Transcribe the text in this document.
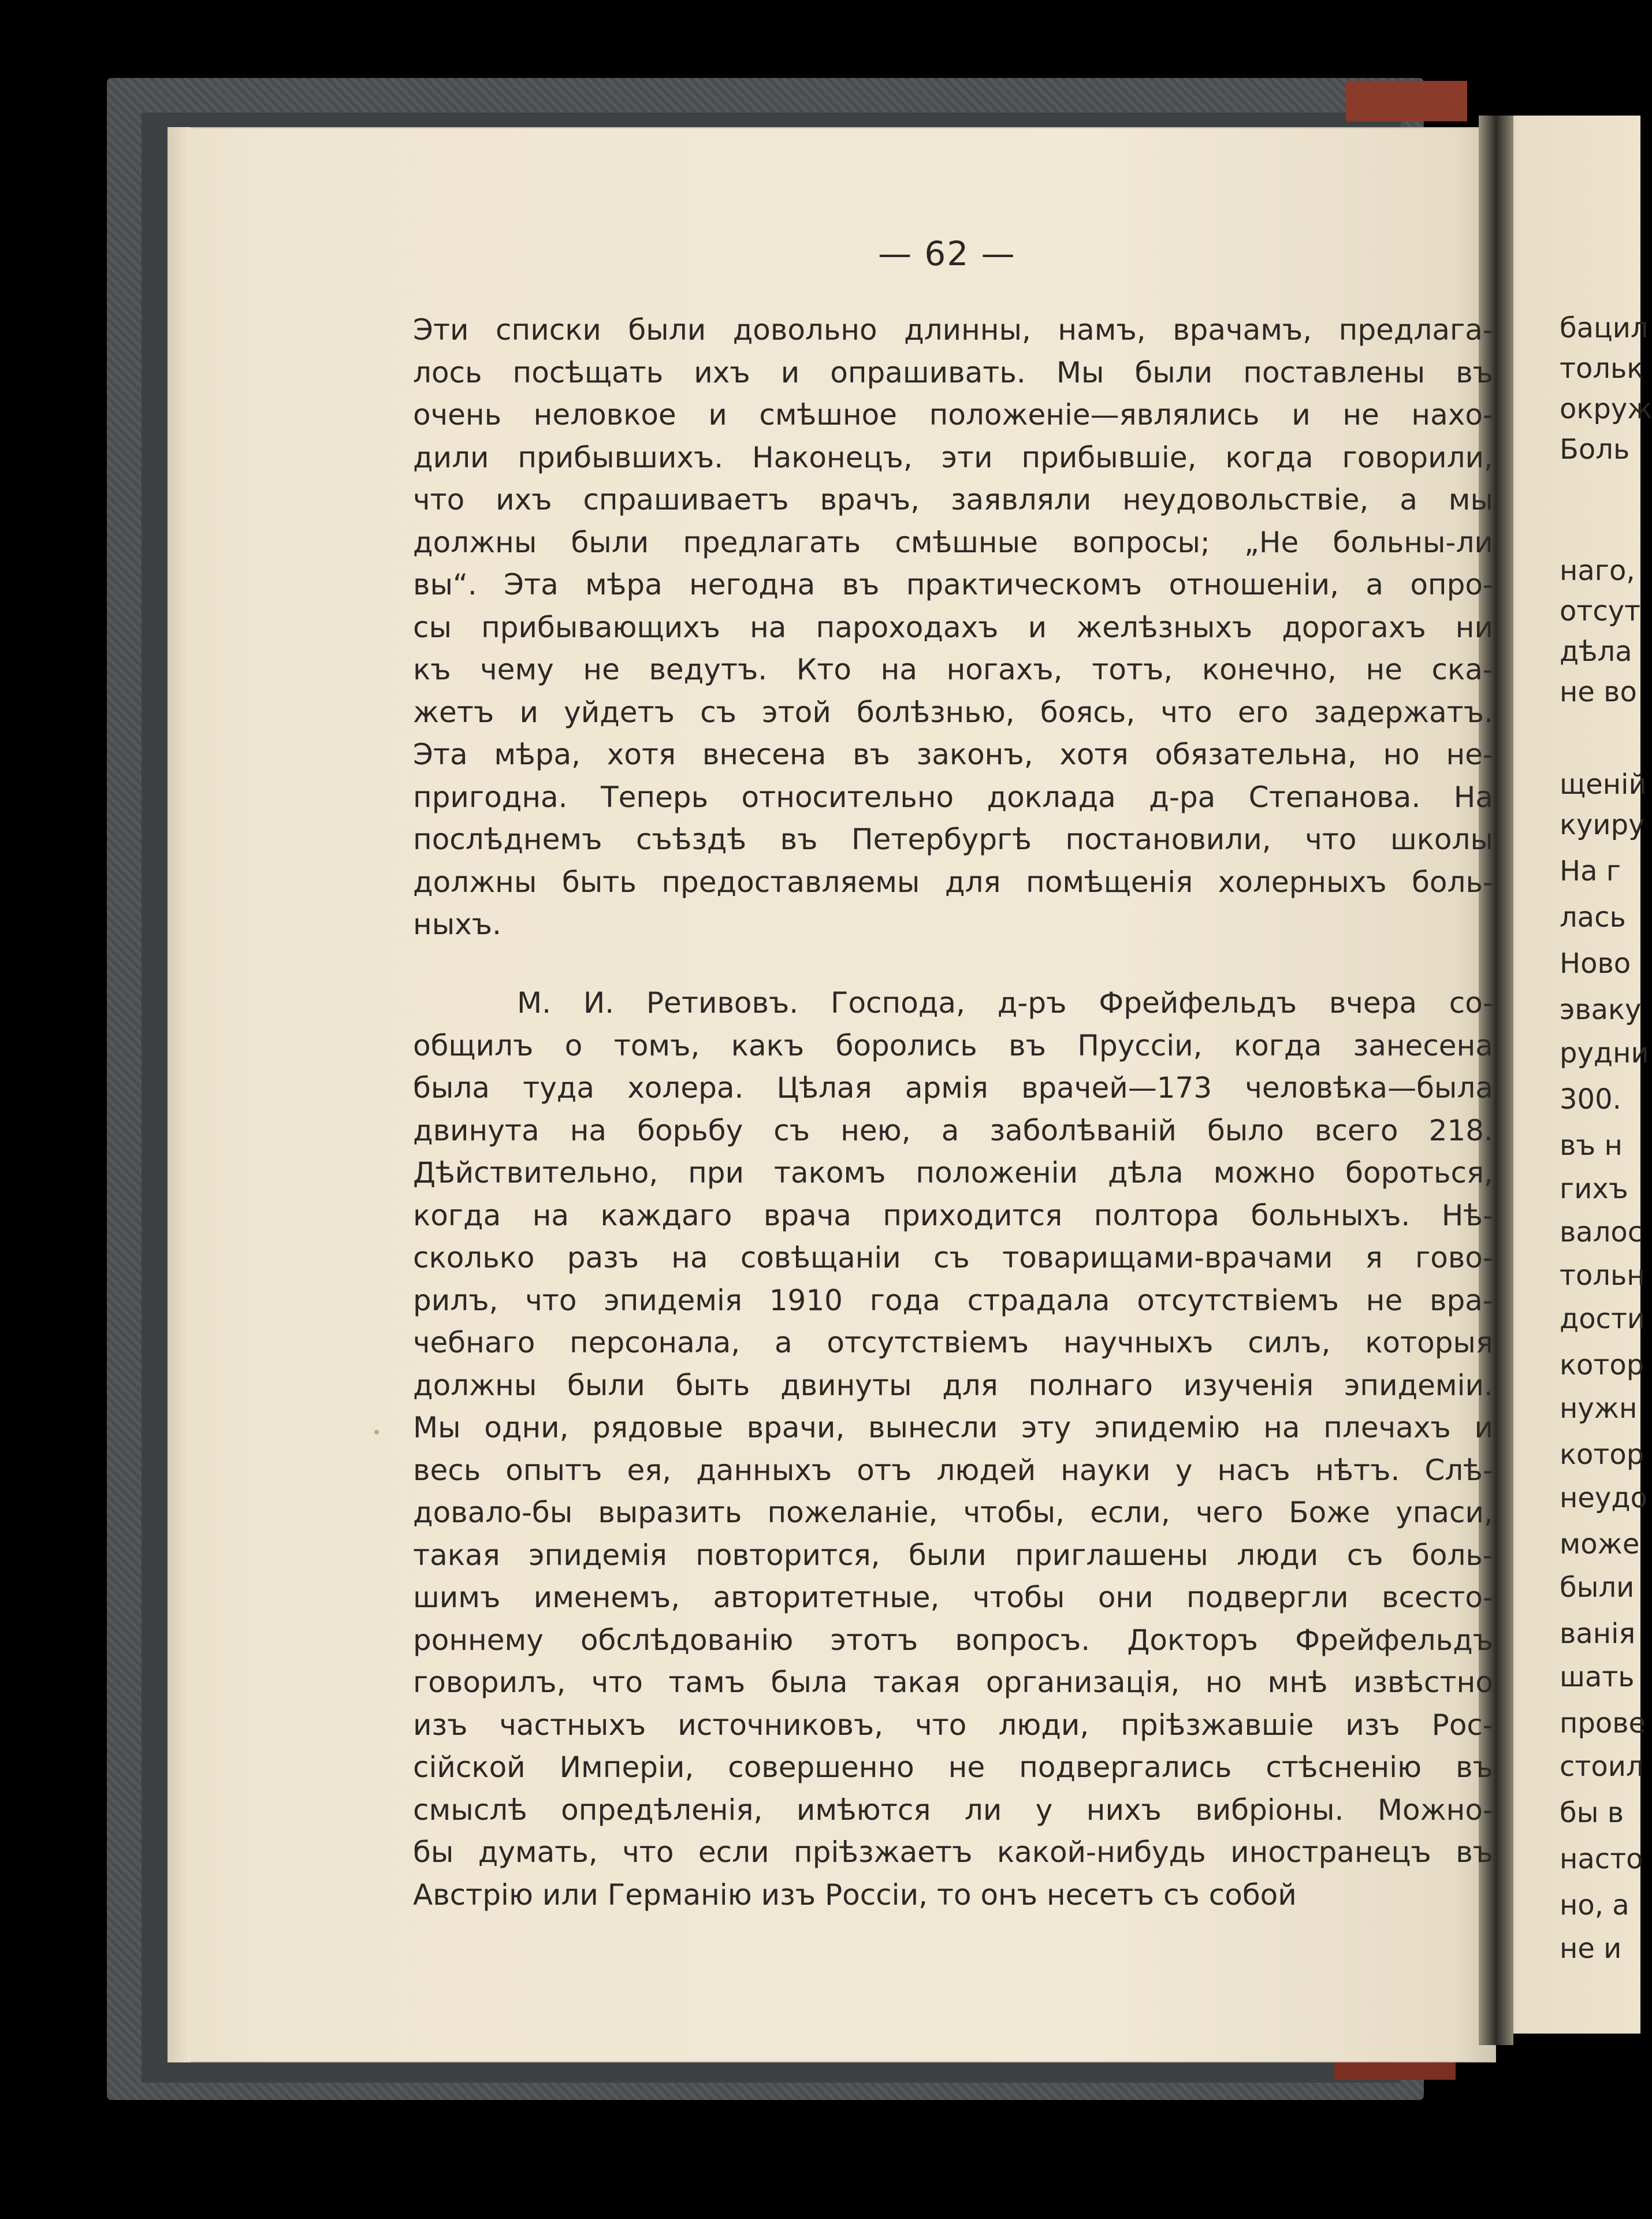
— 62 —
Эти списки были довольно длинны, намъ, врачамъ, предлага-
лось посѣщать ихъ и опрашивать. Мы были поставлены въ
очень неловкое и смѣшное положеніе—являлись и не нахо-
дили прибывшихъ. Наконецъ, эти прибывшіе, когда говорили,
что ихъ спрашиваетъ врачъ, заявляли неудовольствіе, а мы
должны были предлагать смѣшные вопросы; „Не больны-ли
вы“. Эта мѣра негодна въ практическомъ отношеніи, а опро-
сы прибывающихъ на пароходахъ и желѣзныхъ дорогахъ ни
къ чему не ведутъ. Кто на ногахъ, тотъ, конечно, не ска-
жетъ и уйдетъ съ этой болѣзнью, боясь, что его задержатъ.
Эта мѣра, хотя внесена въ законъ, хотя обязательна, но не-
пригодна. Теперь относительно доклада д-ра Степанова. На
послѣднемъ съѣздѣ въ Петербургѣ постановили, что школы
должны быть предоставляемы для помѣщенія холерныхъ боль-
ныхъ.
М. И. Ретивовъ. Господа, д-ръ Фрейфельдъ вчера со-
общилъ о томъ, какъ боролись въ Пруссіи, когда занесена
была туда холера. Цѣлая армія врачей—173 человѣка—была
двинута на борьбу съ нею, а заболѣваній было всего 218.
Дѣйствительно, при такомъ положеніи дѣла можно бороться,
когда на каждаго врача приходится полтора больныхъ. Нѣ-
сколько разъ на совѣщаніи съ товарищами-врачами я гово-
рилъ, что эпидемія 1910 года страдала отсутствіемъ не вра-
чебнаго персонала, а отсутствіемъ научныхъ силъ, которыя
должны были быть двинуты для полнаго изученія эпидеміи.
Мы одни, рядовые врачи, вынесли эту эпидемію на плечахъ и
весь опытъ ея, данныхъ отъ людей науки у насъ нѣтъ. Слѣ-
довало-бы выразить пожеланіе, чтобы, если, чего Боже упаси,
такая эпидемія повторится, были приглашены люди съ боль-
шимъ именемъ, авторитетные, чтобы они подвергли всесто-
роннему обслѣдованію этотъ вопросъ. Докторъ Фрейфельдъ
говорилъ, что тамъ была такая организація, но мнѣ извѣстно
изъ частныхъ источниковъ, что люди, пріѣзжавшіе изъ Рос-
сійской Имперіи, совершенно не подвергались стѣсненію въ
смыслѣ опредѣленія, имѣются ли у нихъ вибріоны. Можно-
бы думать, что если пріѣзжаетъ какой-нибудь иностранецъ въ
Австрію или Германію изъ Россіи, то онъ несетъ съ собой
бацил
тольк
окруж
Боль
наго,
отсут
дѣла
не во
щеній
куиру
На г
лась
Ново
эваку
рудни
300.
въ н
гихъ
валос
тольн
дости
котор
нужн
котор
неудо
може
были
ванія
шать
прове
стоил
бы в
насто
но, а
не и
